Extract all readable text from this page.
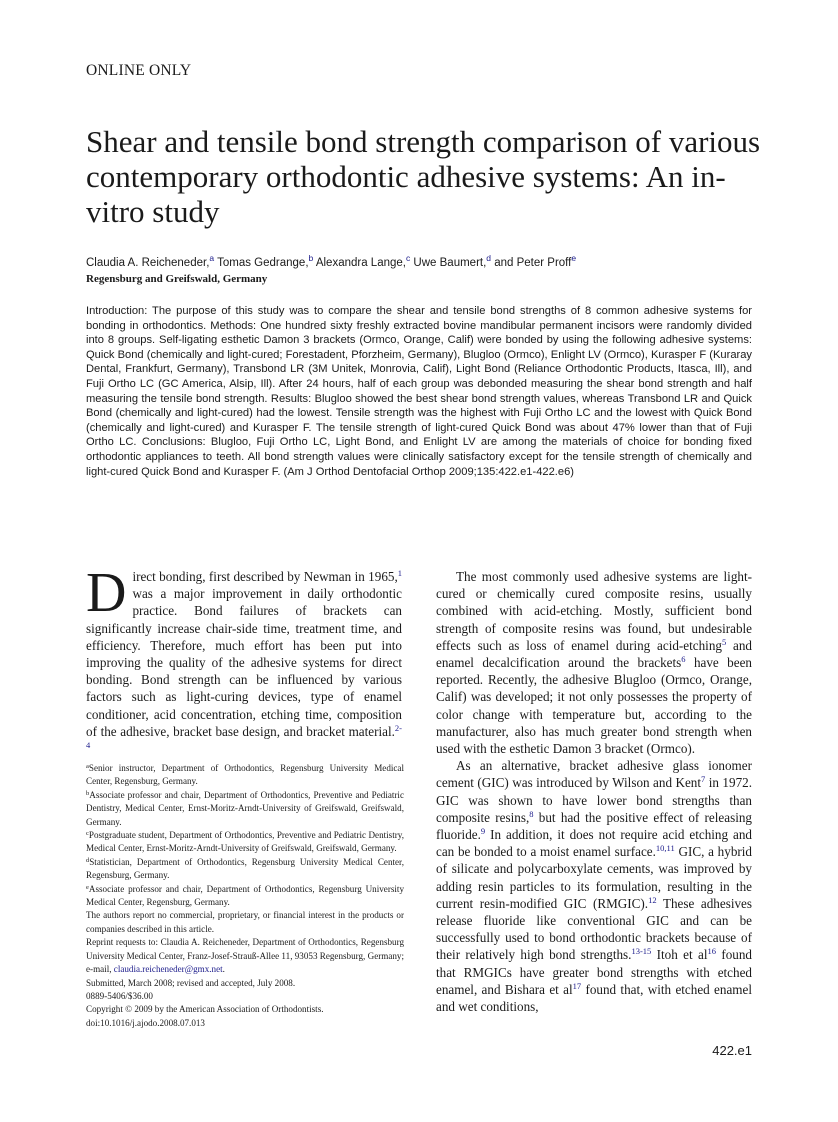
ONLINE ONLY
Shear and tensile bond strength comparison of various contemporary orthodontic adhesive systems: An in-vitro study
Claudia A. Reicheneder,$^a$ Tomas Gedrange,$^b$ Alexandra Lange,$^c$ Uwe Baumert,$^d$ and Peter Proff$^e$
Regensburg and Greifswald, Germany
Introduction: The purpose of this study was to compare the shear and tensile bond strengths of 8 common adhesive systems for bonding in orthodontics. Methods: One hundred sixty freshly extracted bovine mandibular permanent incisors were randomly divided into 8 groups. Self-ligating esthetic Damon 3 brackets (Ormco, Orange, Calif) were bonded by using the following adhesive systems: Quick Bond (chemically and light-cured; Forestadent, Pforzheim, Germany), Blugloo (Ormco), Enlight LV (Ormco), Kurasper F (Kuraray Dental, Frankfurt, Germany), Transbond LR (3M Unitek, Monrovia, Calif), Light Bond (Reliance Orthodontic Products, Itasca, Ill), and Fuji Ortho LC (GC America, Alsip, Ill). After 24 hours, half of each group was debonded measuring the shear bond strength and half measuring the tensile bond strength. Results: Blugloo showed the best shear bond strength values, whereas Transbond LR and Quick Bond (chemically and light-cured) had the lowest. Tensile strength was the highest with Fuji Ortho LC and the lowest with Quick Bond (chemically and light-cured) and Kurasper F. The tensile strength of light-cured Quick Bond was about 47% lower than that of Fuji Ortho LC. Conclusions: Blugloo, Fuji Ortho LC, Light Bond, and Enlight LV are among the materials of choice for bonding fixed orthodontic appliances to teeth. All bond strength values were clinically satisfactory except for the tensile strength of chemically and light-cured Quick Bond and Kurasper F. (Am J Orthod Dentofacial Orthop 2009;135:422.e1-422.e6)

Direct bonding, first described by Newman in 1965,$^1$ was a major improvement in daily orthodontic practice. Bond failures of brackets can significantly increase chair-side time, treatment time, and efficiency. Therefore, much effort has been put into improving the quality of the adhesive systems for direct bonding. Bond strength can be influenced by various factors such as light-curing devices, type of enamel conditioner, acid concentration, etching time, composition of the adhesive, bracket base design, and bracket material.$^{2-4}$

$^a$Senior instructor, Department of Orthodontics, Regensburg University Medical Center, Regensburg, Germany.

$^b$Associate professor and chair, Department of Orthodontics, Preventive and Pediatric Dentistry, Medical Center, Ernst-Moritz-Arndt-University of Greifswald, Greifswald, Germany.

$^c$Postgraduate student, Department of Orthodontics, Preventive and Pediatric Dentistry, Medical Center, Ernst-Moritz-Arndt-University of Greifswald, Greifswald, Germany.

$^d$Statistician, Department of Orthodontics, Regensburg University Medical Center, Regensburg, Germany.

$^e$Associate professor and chair, Department of Orthodontics, Regensburg University Medical Center, Regensburg, Germany.

The authors report no commercial, proprietary, or financial interest in the products or companies described in this article.

Reprint requests to: Claudia A. Reicheneder, Department of Orthodontics, Regensburg University Medical Center, Franz-Josef-Strauß-Allee 11, 93053 Regensburg, Germany; e-mail, claudia.reicheneder@gmx.net.

Submitted, March 2008; revised and accepted, July 2008.

0889-5406/$36.00

Copyright © 2009 by the American Association of Orthodontists.

doi:10.1016/j.ajodo.2008.07.013

The most commonly used adhesive systems are light-cured or chemically cured composite resins, usually combined with acid-etching. Mostly, sufficient bond strength of composite resins was found, but undesirable effects such as loss of enamel during acid-etching$^5$ and enamel decalcification around the brackets$^6$ have been reported. Recently, the adhesive Blugloo (Ormco, Orange, Calif) was developed; it not only possesses the property of color change with temperature but, according to the manufacturer, also has much greater bond strength when used with the esthetic Damon 3 bracket (Ormco).

As an alternative, bracket adhesive glass ionomer cement (GIC) was introduced by Wilson and Kent$^7$ in 1972. GIC was shown to have lower bond strengths than composite resins,$^8$ but had the positive effect of releasing fluoride.$^9$ In addition, it does not require acid etching and can be bonded to a moist enamel surface.$^{10,11}$ GIC, a hybrid of silicate and polycarboxylate cements, was improved by adding resin particles to its formulation, resulting in the current resin-modified GIC (RMGIC).$^{12}$ These adhesives release fluoride like conventional GIC and can be successfully used to bond orthodontic brackets because of their relatively high bond strengths.$^{13-15}$ Itoh et $al^{16}$ found that RMGICs have greater bond strengths with etched enamel, and Bishara et $al^{17}$ found that, with etched enamel and wet conditions,

422.e1
